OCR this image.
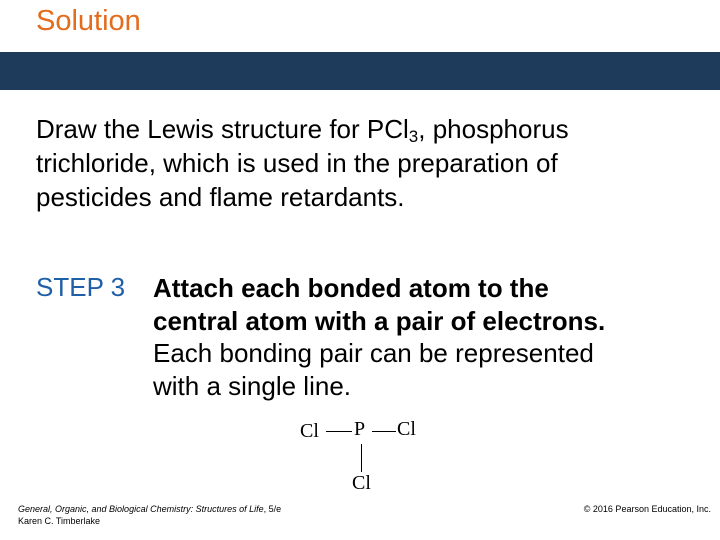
Solution
Draw the Lewis structure for PCl$_3$, phosphorus
trichloride, which is used in the preparation of
pesticides and flame retardants.
STEP 3 Attach each bonded atom to the
central atom with a pair of electrons.
Each bonding pair can be represented
with a single line.
Cl P Cl
Cl
General, Organic, and Biological Chemistry: Structures of Life, 5/e
Karen C. Timberlake
© 2016 Pearson Education, Inc.
